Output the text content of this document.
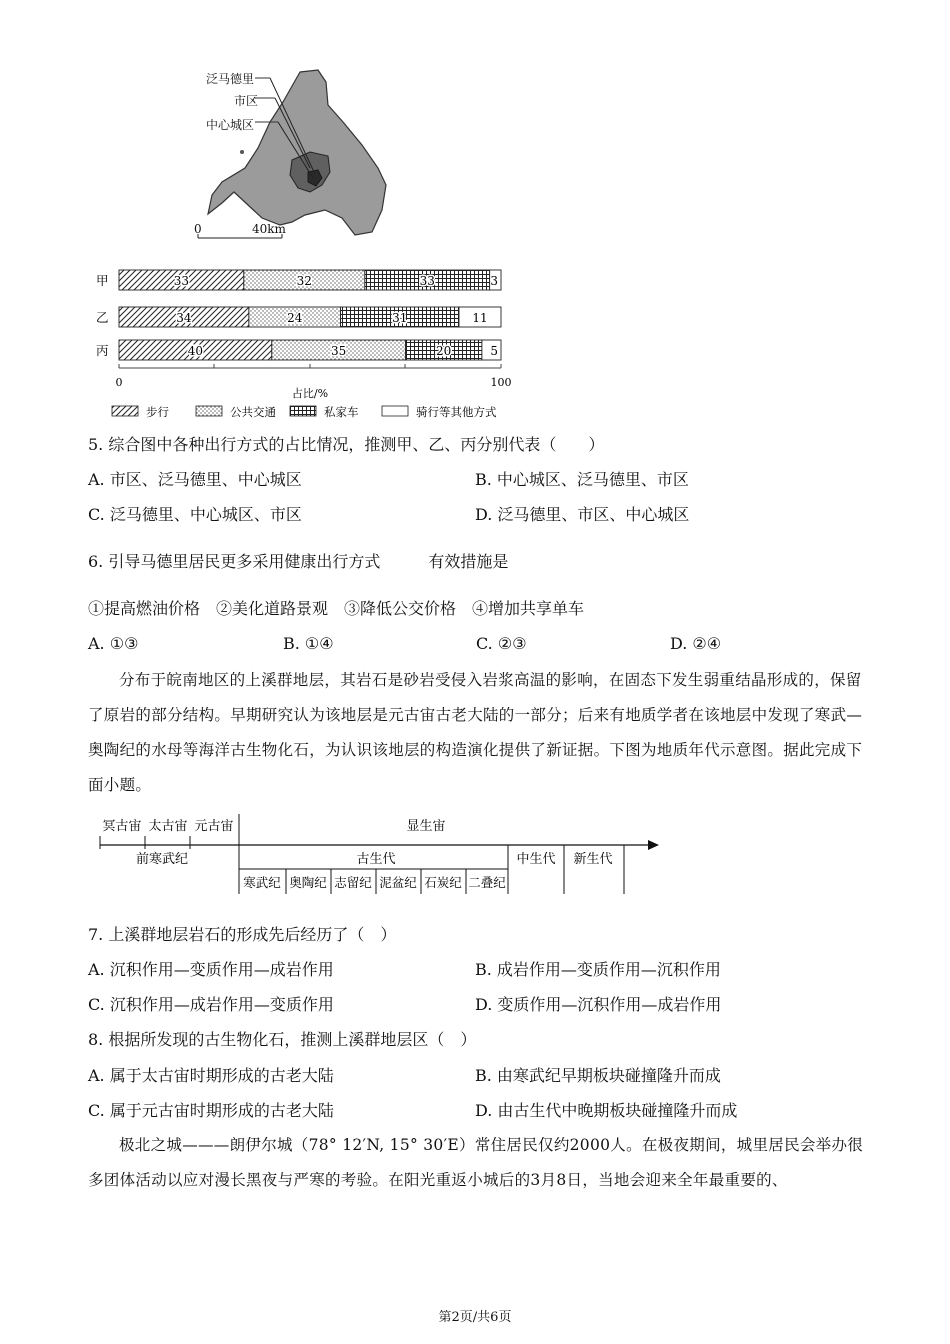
泛马德里
市区
中心城区
0	40km
甲	33	32	33	3
乙	34	24	31	11
丙	40	35	20	5
0	100
占比/%
步行	公共交通	私家车	骑行等其他方式
5. 综合图中各种出行方式的占比情况，推测甲、乙、丙分别代表（　　）
A. 市区、泛马德里、中心城区	B. 中心城区、泛马德里、市区
C. 泛马德里、中心城区、市区	D. 泛马德里、市区、中心城区
6. 引导马德里居民更多采用健康出行方式　　　有效措施是
①提高燃油价格　②美化道路景观　③降低公交价格　④增加共享单车
A. ①③	B. ①④	C. ②③	D. ②④
分布于皖南地区的上溪群地层，其岩石是砂岩受侵入岩浆高温的影响，在固态下发生弱重结晶形成的，保留了原岩的部分结构。早期研究认为该地层是元古宙古老大陆的一部分；后来有地质学者在该地层中发现了寒武—奥陶纪的水母等海洋古生物化石，为认识该地层的构造演化提供了新证据。下图为地质年代示意图。据此完成下面小题。
冥古宙 太古宙 元古宙	显生宙
前寒武纪	古生代	中生代 新生代
寒武纪 奥陶纪 志留纪 泥盆纪 石炭纪 二叠纪
7. 上溪群地层岩石的形成先后经历了（　）
A. 沉积作用—变质作用—成岩作用	B. 成岩作用—变质作用—沉积作用
C. 沉积作用—成岩作用—变质作用	D. 变质作用—沉积作用—成岩作用
8. 根据所发现的古生物化石，推测上溪群地层区（　）
A. 属于太古宙时期形成的古老大陆	B. 由寒武纪早期板块碰撞隆升而成
C. 属于元古宙时期形成的古老大陆	D. 由古生代中晚期板块碰撞隆升而成
极北之城———朗伊尔城（78° 12′N, 15° 30′E）常住居民仅约2000人。在极夜期间，城里居民会举办很多团体活动以应对漫长黑夜与严寒的考验。在阳光重返小城后的3月8日，当地会迎来全年最重要的、
第2页/共6页
